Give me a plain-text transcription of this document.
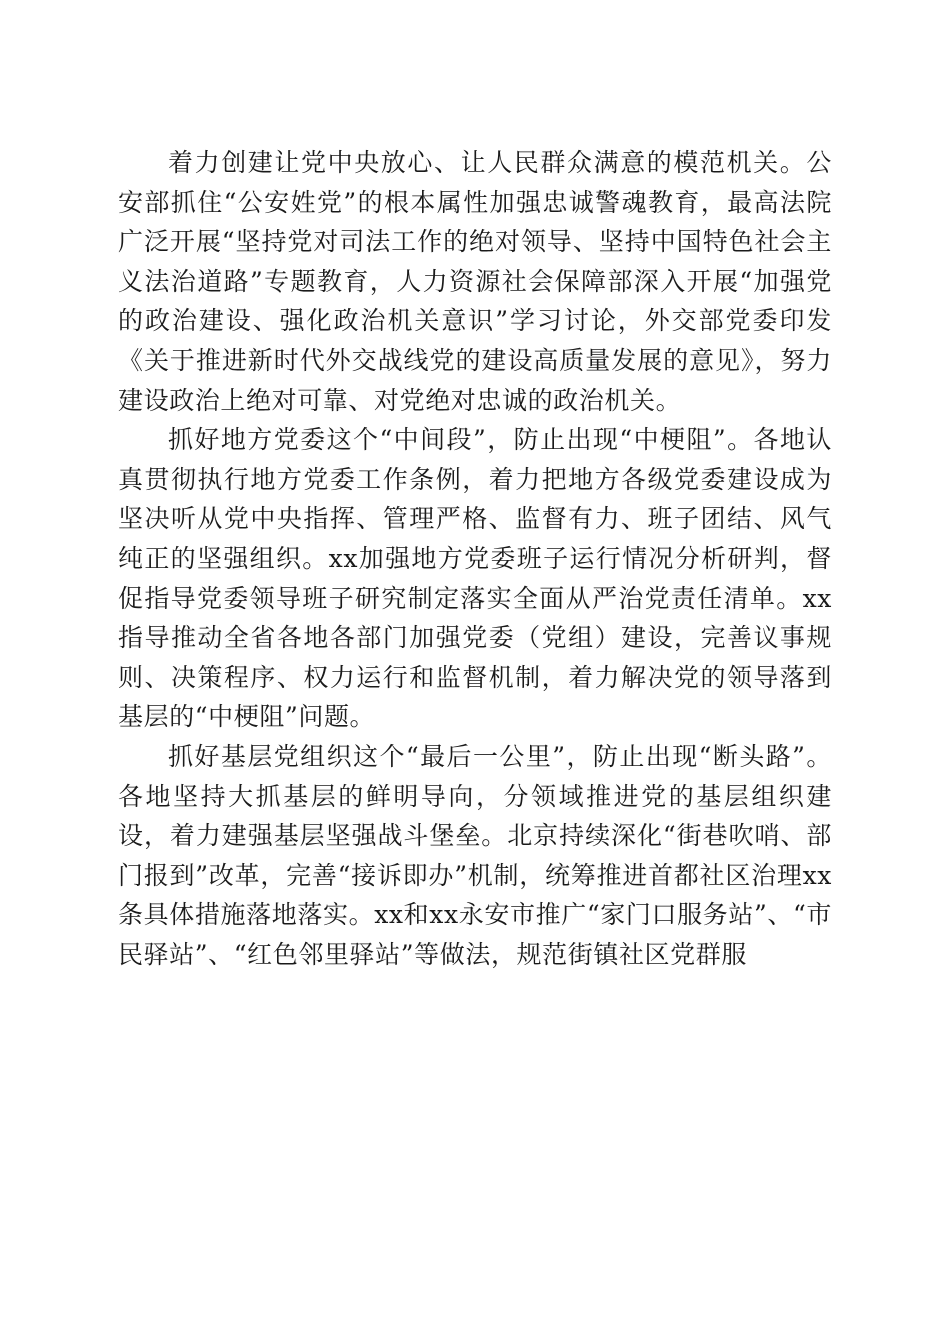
着力创建让党中央放心、让人民群众满意的模范机关。公安部抓住“公安姓党”的根本属性加强忠诚警魂教育，最高法院广泛开展“坚持党对司法工作的绝对领导、坚持中国特色社会主义法治道路”专题教育，人力资源社会保障部深入开展“加强党的政治建设、强化政治机关意识”学习讨论，外交部党委印发《关于推进新时代外交战线党的建设高质量发展的意见》，努力建设政治上绝对可靠、对党绝对忠诚的政治机关。

抓好地方党委这个“中间段”，防止出现“中梗阻”。各地认真贯彻执行地方党委工作条例，着力把地方各级党委建设成为坚决听从党中央指挥、管理严格、监督有力、班子团结、风气纯正的坚强组织。xx加强地方党委班子运行情况分析研判，督促指导党委领导班子研究制定落实全面从严治党责任清单。xx指导推动全省各地各部门加强党委（党组）建设，完善议事规则、决策程序、权力运行和监督机制，着力解决党的领导落到基层的“中梗阻”问题。

抓好基层党组织这个“最后一公里”，防止出现“断头路”。各地坚持大抓基层的鲜明导向，分领域推进党的基层组织建设，着力建强基层坚强战斗堡垒。北京持续深化“街巷吹哨、部门报到”改革，完善“接诉即办”机制，统筹推进首都社区治理xx条具体措施落地落实。xx和xx永安市推广“家门口服务站”、“市民驿站”、“红色邻里驿站”等做法，规范街镇社区党群服
